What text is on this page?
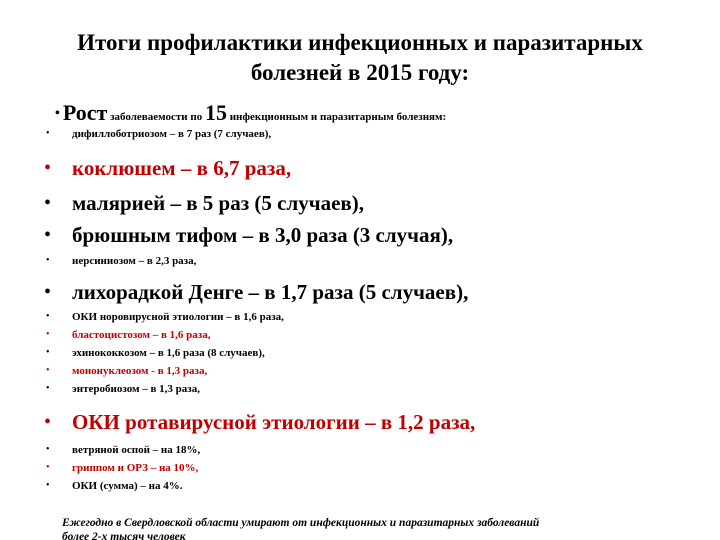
Итоги профилактики инфекционных и паразитарных
болезней в 2015 году:
• Рост заболеваемости по 15 инфекционным и паразитарным болезням:
• дифиллоботриозом – в 7 раз (7 случаев),
• коклюшем – в 6,7 раза,
• малярией – в 5 раз (5 случаев),
• брюшным тифом – в 3,0 раза (3 случая),
• иерсиниозом – в 2,3 раза,
• лихорадкой Денге – в 1,7 раза (5 случаев),
• ОКИ норовирусной этиологии – в 1,6 раза,
• бластоцистозом – в 1,6 раза,
• эхинококкозом – в 1,6 раза (8 случаев),
• мононуклеозом - в 1,3 раза,
• энтеробиозом – в 1,3 раза,
• ОКИ ротавирусной этиологии – в 1,2 раза,
• ветряной оспой – на 18%,
• гриппом и ОРЗ – на 10%,
• ОКИ (сумма) – на 4%.
Ежегодно в Свердловской области умирают от инфекционных и паразитарных заболеваний
более 2-х тысяч человек
